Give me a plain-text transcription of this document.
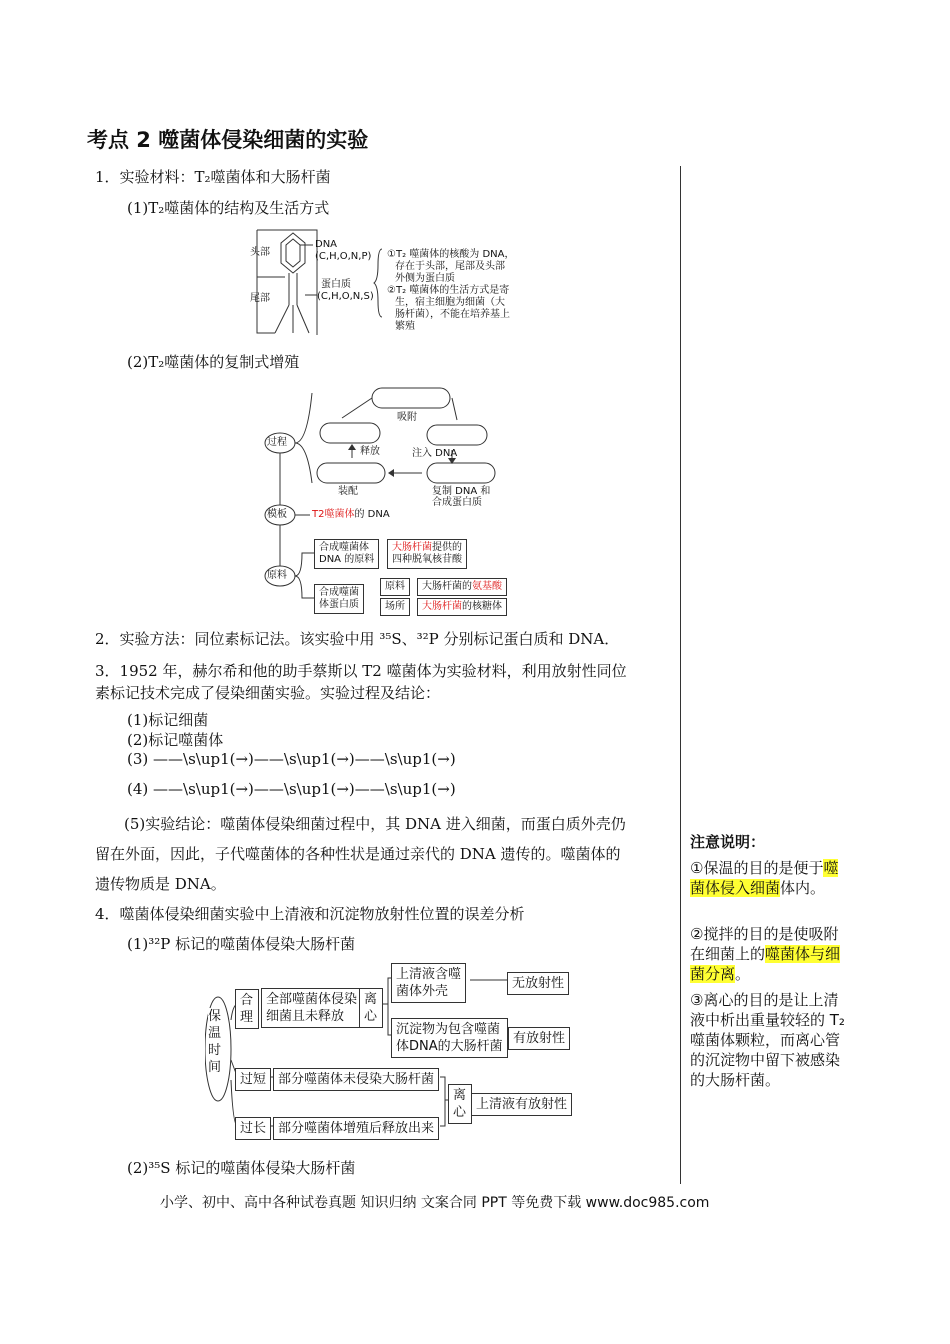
考点 2 噬菌体侵染细菌的实验
1．实验材料：T₂噬菌体和大肠杆菌
(1)T₂噬菌体的结构及生活方式
头部
尾部
DNA
(C,H,O,N,P)
蛋白质
(C,H,O,N,S)
①T₂ 噬菌体的核酸为 DNA，
存在于头部，尾部及头部
外侧为蛋白质
②T₂ 噬菌体的生活方式是寄
生，宿主细胞为细菌（大
肠杆菌），不能在培养基上
繁殖
(2)T₂噬菌体的复制式增殖
过程
吸附
释放	注入 DNA
装配	复制 DNA 和
合成蛋白质
模板	T2噬菌体的 DNA
原料
合成噬菌体
DNA 的原料
大肠杆菌提供的
四种脱氧核苷酸
合成噬菌
体蛋白质
原料	大肠杆菌的氨基酸
场所	大肠杆菌的核糖体
2．实验方法：同位素标记法。该实验中用 ³⁵S、³²P 分别标记蛋白质和 DNA．
3．1952 年，赫尔希和他的助手蔡斯以 T2 噬菌体为实验材料，利用放射性同位
素标记技术完成了侵染细菌实验。实验过程及结论：
(1)标记细菌
(2)标记噬菌体
(3) ——\s\up1(→)——\s\up1(→)——\s\up1(→)
(4) ——\s\up1(→)——\s\up1(→)——\s\up1(→)
(5)实验结论：噬菌体侵染细菌过程中，其 DNA 进入细菌，而蛋白质外壳仍
留在外面，因此，子代噬菌体的各种性状是通过亲代的 DNA 遗传的。噬菌体的
遗传物质是 DNA。
4．噬菌体侵染细菌实验中上清液和沉淀物放射性位置的误差分析
(1)³²P 标记的噬菌体侵染大肠杆菌
保温时间
合理
全部噬菌体侵染
细菌且未释放
离心
上清液含噬
菌体外壳
无放射性
沉淀物为包含噬菌
体DNA的大肠杆菌
有放射性
过短 部分噬菌体未侵染大肠杆菌
过长 部分噬菌体增殖后释放出来
离心
上清液有放射性
(2)³⁵S 标记的噬菌体侵染大肠杆菌
注意说明：
①保温的目的是便于噬菌体侵入细菌体内。
②搅拌的目的是使吸附在细菌上的噬菌体与细菌分离。
③离心的目的是让上清液中析出重量较轻的 T₂噬菌体颗粒，而离心管的沉淀物中留下被感染的大肠杆菌。
小学、初中、高中各种试卷真题 知识归纳 文案合同 PPT 等免费下载 www.doc985.com
